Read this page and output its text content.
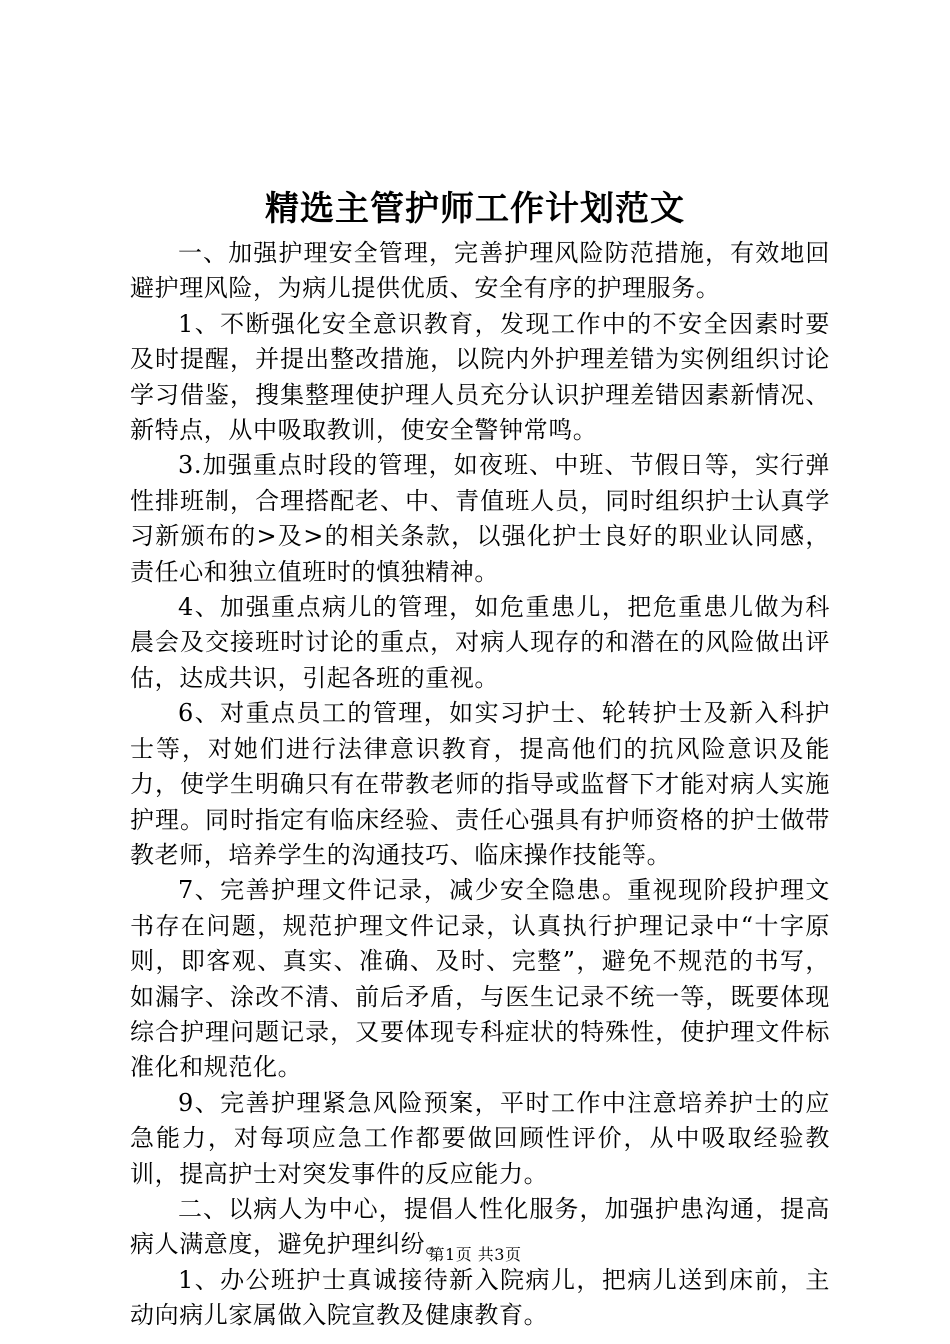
精选主管护师工作计划范文

一、加强护理安全管理，完善护理风险防范措施，有效地回避护理风险，为病儿提供优质、安全有序的护理服务。

1、不断强化安全意识教育，发现工作中的不安全因素时要及时提醒，并提出整改措施，以院内外护理差错为实例组织讨论学习借鉴，搜集整理使护理人员充分认识护理差错因素新情况、新特点，从中吸取教训，使安全警钟常鸣。

3.加强重点时段的管理，如夜班、中班、节假日等，实行弹性排班制，合理搭配老、中、青值班人员，同时组织护士认真学习新颁布的>及>的相关条款，以强化护士良好的职业认同感，责任心和独立值班时的慎独精神。

4、加强重点病儿的管理，如危重患儿，把危重患儿做为科晨会及交接班时讨论的重点，对病人现存的和潜在的风险做出评估，达成共识，引起各班的重视。

6、对重点员工的管理，如实习护士、轮转护士及新入科护士等，对她们进行法律意识教育，提高他们的抗风险意识及能力，使学生明确只有在带教老师的指导或监督下才能对病人实施护理。同时指定有临床经验、责任心强具有护师资格的护士做带教老师，培养学生的沟通技巧、临床操作技能等。

7、完善护理文件记录，减少安全隐患。重视现阶段护理文书存在问题，规范护理文件记录，认真执行护理记录中“十字原则，即客观、真实、准确、及时、完整”，避免不规范的书写，如漏字、涂改不清、前后矛盾，与医生记录不统一等，既要体现综合护理问题记录，又要体现专科症状的特殊性，使护理文件标准化和规范化。

9、完善护理紧急风险预案，平时工作中注意培养护士的应急能力，对每项应急工作都要做回顾性评价，从中吸取经验教训，提高护士对突发事件的反应能力。

二、以病人为中心，提倡人性化服务，加强护患沟通，提高病人满意度，避免护理纠纷。

1、办公班护士真诚接待新入院病儿，把病儿送到床前，主动向病儿家属做入院宣教及健康教育。

第1页 共3页
